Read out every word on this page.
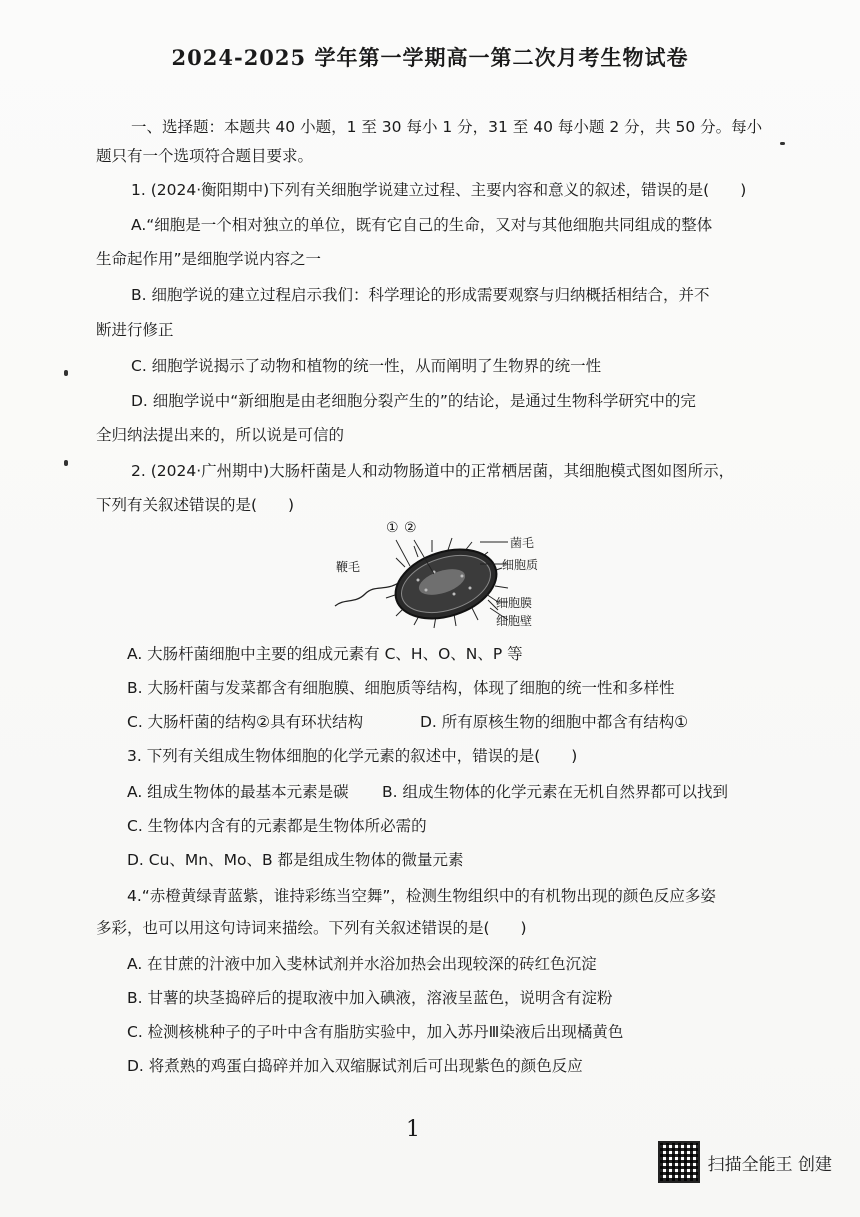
2024-2025 学年第一学期高一第二次月考生物试卷
一、选择题：本题共 40 小题，1 至 30 每小 1 分，31 至 40 每小题 2 分，共 50 分。每小
题只有一个选项符合题目要求。
1. (2024·衡阳期中)下列有关细胞学说建立过程、主要内容和意义的叙述，错误的是(　　)
A.“细胞是一个相对独立的单位，既有它自己的生命，又对与其他细胞共同组成的整体
生命起作用”是细胞学说内容之一
B. 细胞学说的建立过程启示我们：科学理论的形成需要观察与归纳概括相结合，并不
断进行修正
C. 细胞学说揭示了动物和植物的统一性，从而阐明了生物界的统一性
D. 细胞学说中“新细胞是由老细胞分裂产生的”的结论，是通过生物科学研究中的完
全归纳法提出来的，所以说是可信的
2. (2024·广州期中)大肠杆菌是人和动物肠道中的正常栖居菌，其细胞模式图如图所示，
下列有关叙述错误的是(　　)
① ②
鞭毛
菌毛
细胞质
细胞膜
细胞壁
A. 大肠杆菌细胞中主要的组成元素有 C、H、O、N、P 等
B. 大肠杆菌与发菜都含有细胞膜、细胞质等结构，体现了细胞的统一性和多样性
C. 大肠杆菌的结构②具有环状结构	D. 所有原核生物的细胞中都含有结构①
3. 下列有关组成生物体细胞的化学元素的叙述中，错误的是(　　)
A. 组成生物体的最基本元素是碳 B. 组成生物体的化学元素在无机自然界都可以找到
C. 生物体内含有的元素都是生物体所必需的
D. Cu、Mn、Mo、B 都是组成生物体的微量元素
4.“赤橙黄绿青蓝紫，谁持彩练当空舞”，检测生物组织中的有机物出现的颜色反应多姿
多彩，也可以用这句诗词来描绘。下列有关叙述错误的是(　　)
A. 在甘蔗的汁液中加入斐林试剂并水浴加热会出现较深的砖红色沉淀
B. 甘薯的块茎捣碎后的提取液中加入碘液，溶液呈蓝色，说明含有淀粉
C. 检测核桃种子的子叶中含有脂肪实验中，加入苏丹Ⅲ染液后出现橘黄色
D. 将煮熟的鸡蛋白捣碎并加入双缩脲试剂后可出现紫色的颜色反应
1
扫描全能王 创建
